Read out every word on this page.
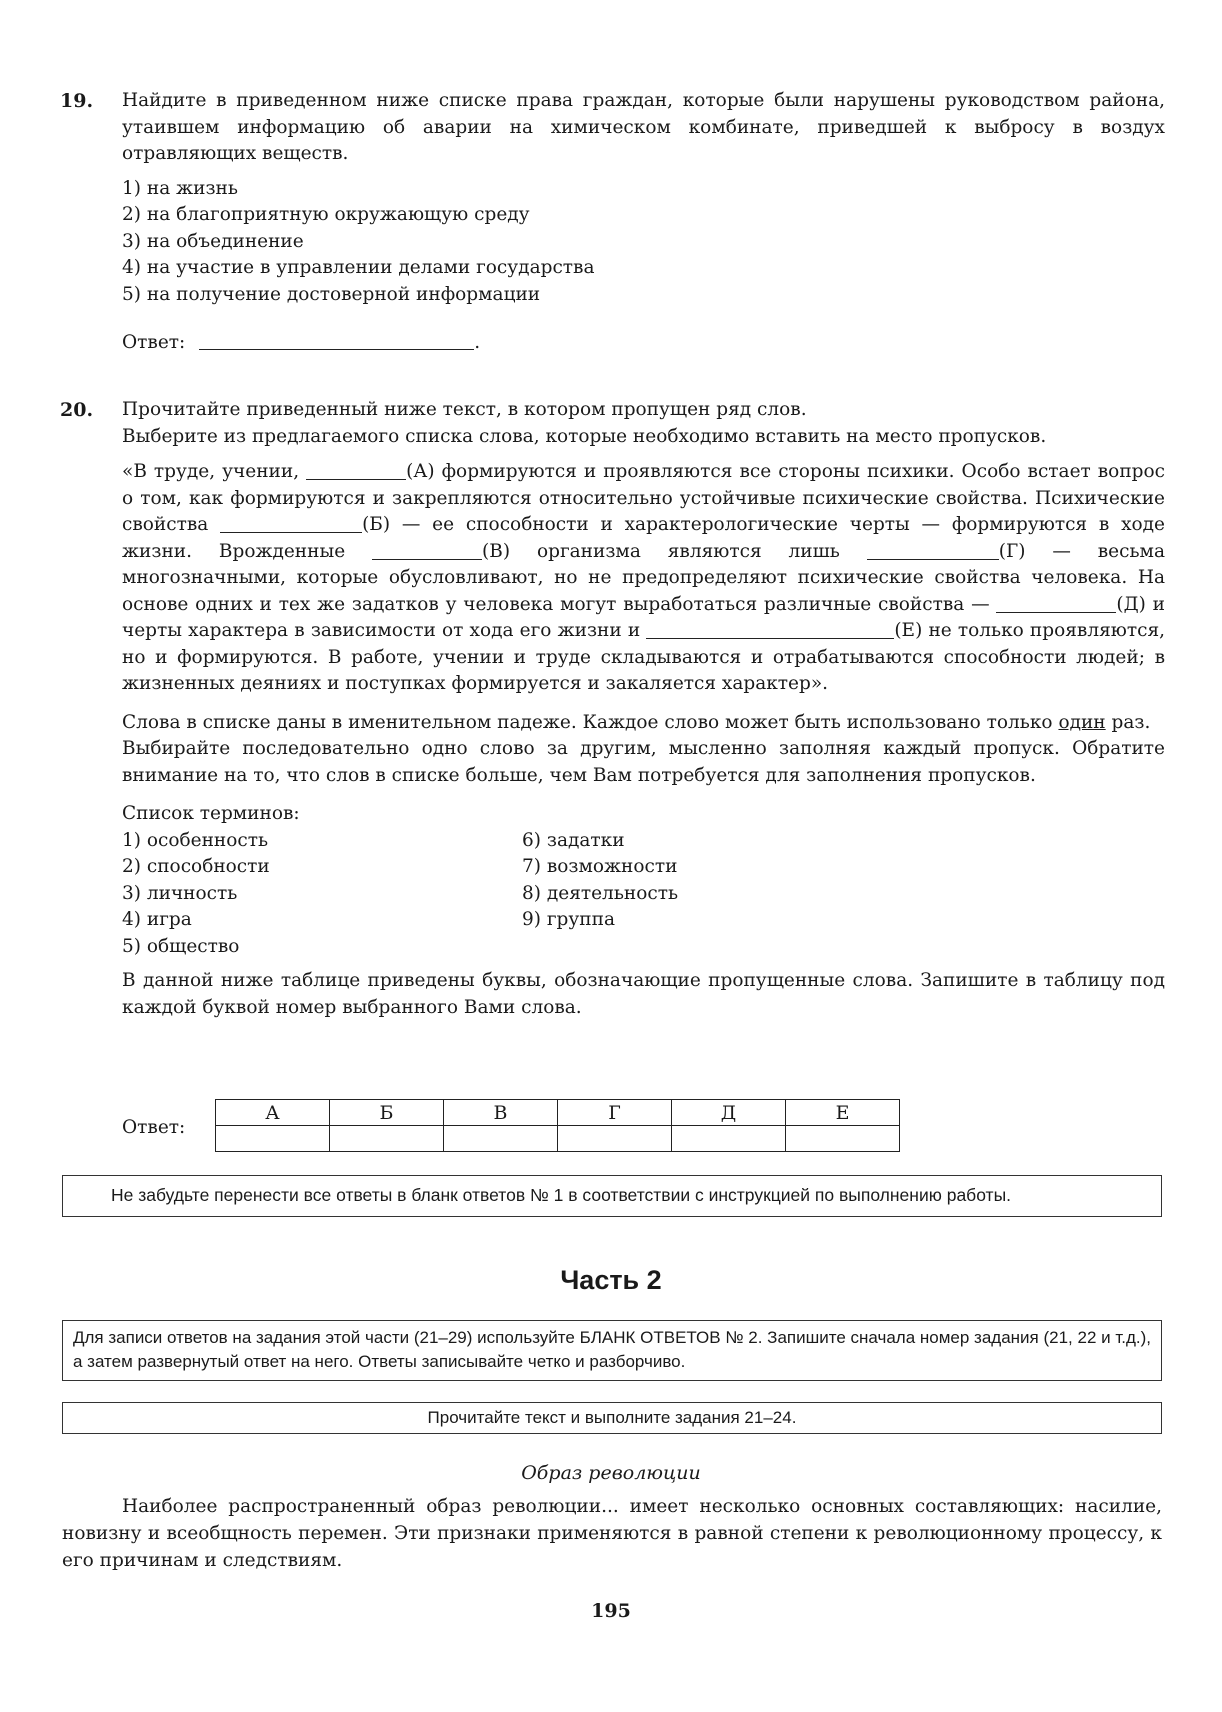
19. Найдите в приведенном ниже списке права граждан, которые были нарушены руководством района, утаившем информацию об аварии на химическом комбинате, приведшей к выбросу в воздух отравляющих веществ.

1) на жизнь
2) на благоприятную окружающую среду
3) на объединение
4) на участие в управлении делами государства
5) на получение достоверной информации
Ответ:	.
20. Прочитайте приведенный ниже текст, в котором пропущен ряд слов.

Выберите из предлагаемого списка слова, которые необходимо вставить на место пропусков.

«В труде, учении,	(А) формируются и проявляются все стороны психики. Особо встает вопрос о том, как формируются и закрепляются относительно устойчивые психические свойства. Психические свойства	(Б) — ее способности и характерологические черты — формируются в ходе жизни. Врожденные	(В) организма являются лишь	(Г) — весьма многозначными, которые обусловливают, но не предопределяют психические свойства человека. На основе одних и тех же задатков у человека могут выработаться различные свойства —	(Д) и черты характера в зависимости от хода его жизни и	(Е) не только проявляются, но и формируются. В работе, учении и труде складываются и отрабатываются способности людей; в жизненных деяниях и поступках формируется и закаляется характер».

Слова в списке даны в именительном падеже. Каждое слово может быть использовано только один раз.

Выбирайте последовательно одно слово за другим, мысленно заполняя каждый пропуск. Обратите внимание на то, что слов в списке больше, чем Вам потребуется для заполнения пропусков.

Список терминов:

1) особенность
2) способности
3) личность
4) игра
5) общество
6) задатки
7) возможности
8) деятельность
9) группа

В данной ниже таблице приведены буквы, обозначающие пропущенные слова. Запишите в таблицу под каждой буквой номер выбранного Вами слова.

Ответ:
А	Б	В	Г	Д	Е

Не забудьте перенести все ответы в бланк ответов № 1 в соответствии с инструкцией по выполнению работы.
Часть 2
Для записи ответов на задания этой части (21–29) используйте БЛАНК ОТВЕТОВ № 2. Запишите сначала номер задания (21, 22 и т.д.), а затем развернутый ответ на него. Ответы записывайте четко и разборчиво.
Прочитайте текст и выполните задания 21–24.
Образ революции

Наиболее распространенный образ революции... имеет несколько основных составляющих: насилие, новизну и всеобщность перемен. Эти признаки применяются в равной степени к революционному процессу, к его причинам и следствиям.

195
